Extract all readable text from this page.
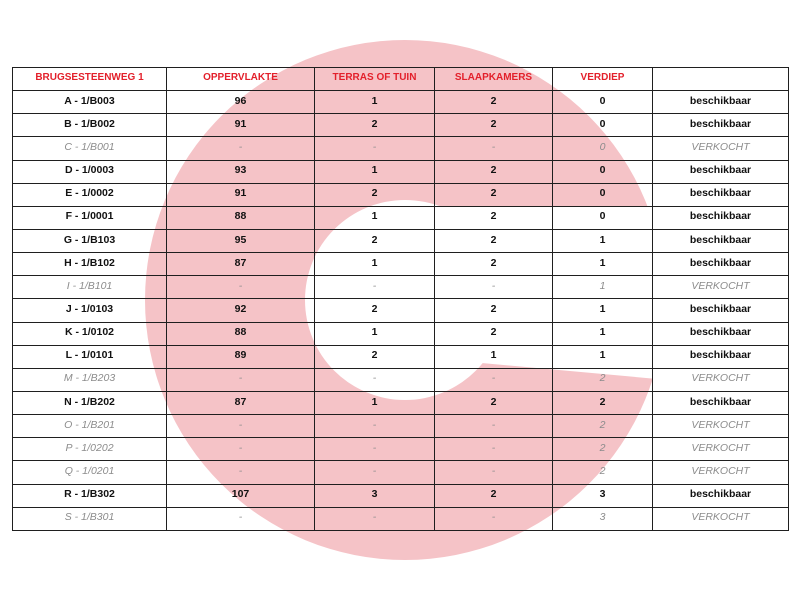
BRUGSESTEENWEG 1	OPPERVLAKTE	TERRAS OF TUIN	SLAAPKAMERS	VERDIEP	
A - 1/B003	96	1	2	0	beschikbaar
B - 1/B002	91	2	2	0	beschikbaar
C - 1/B001	-	-	-	0	VERKOCHT
D - 1/0003	93	1	2	0	beschikbaar
E - 1/0002	91	2	2	0	beschikbaar
F - 1/0001	88	1	2	0	beschikbaar
G - 1/B103	95	2	2	1	beschikbaar
H - 1/B102	87	1	2	1	beschikbaar
I - 1/B101	-	-	-	1	VERKOCHT
J - 1/0103	92	2	2	1	beschikbaar
K - 1/0102	88	1	2	1	beschikbaar
L - 1/0101	89	2	1	1	beschikbaar
M - 1/B203	-	-	-	2	VERKOCHT
N - 1/B202	87	1	2	2	beschikbaar
O - 1/B201	-	-	-	2	VERKOCHT
P - 1/0202	-	-	-	2	VERKOCHT
Q - 1/0201	-	-	-	2	VERKOCHT
R - 1/B302	107	3	2	3	beschikbaar
S - 1/B301	-	-	-	3	VERKOCHT
